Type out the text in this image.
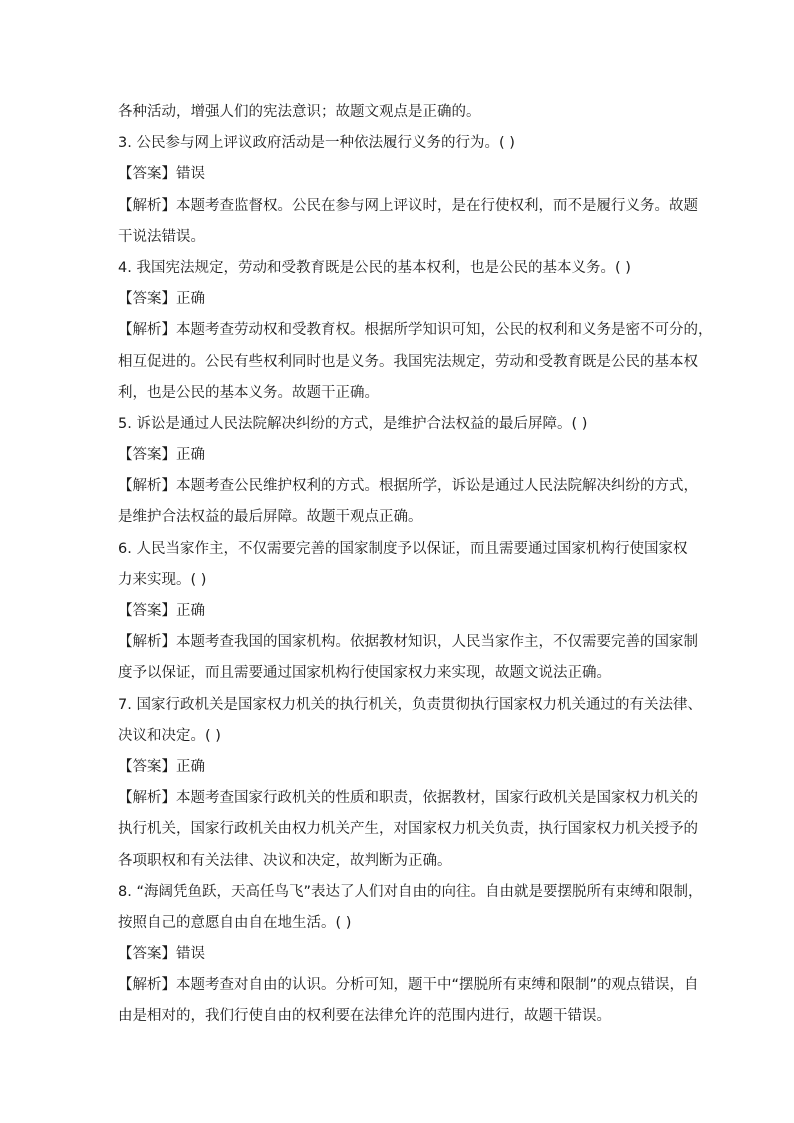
各种活动，增强人们的宪法意识；故题文观点是正确的。
3. 公民参与网上评议政府活动是一种依法履行义务的行为。( )
【答案】错误
【解析】本题考查监督权。公民在参与网上评议时，是在行使权利，而不是履行义务。故题
干说法错误。
4. 我国宪法规定，劳动和受教育既是公民的基本权利，也是公民的基本义务。( )
【答案】正确
【解析】本题考查劳动权和受教育权。根据所学知识可知，公民的权利和义务是密不可分的，
相互促进的。公民有些权利同时也是义务。我国宪法规定，劳动和受教育既是公民的基本权
利，也是公民的基本义务。故题干正确。
5. 诉讼是通过人民法院解决纠纷的方式，是维护合法权益的最后屏障。( )
【答案】正确
【解析】本题考查公民维护权利的方式。根据所学，诉讼是通过人民法院解决纠纷的方式，
是维护合法权益的最后屏障。故题干观点正确。
6. 人民当家作主，不仅需要完善的国家制度予以保证，而且需要通过国家机构行使国家权
力来实现。( )
【答案】正确
【解析】本题考查我国的国家机构。依据教材知识，人民当家作主，不仅需要完善的国家制
度予以保证，而且需要通过国家机构行使国家权力来实现，故题文说法正确。
7. 国家行政机关是国家权力机关的执行机关，负责贯彻执行国家权力机关通过的有关法律、
决议和决定。( )
【答案】正确
【解析】本题考查国家行政机关的性质和职责，依据教材，国家行政机关是国家权力机关的
执行机关，国家行政机关由权力机关产生，对国家权力机关负责，执行国家权力机关授予的
各项职权和有关法律、决议和决定，故判断为正确。
8. “海阔凭鱼跃，天高任鸟飞”表达了人们对自由的向往。自由就是要摆脱所有束缚和限制，
按照自己的意愿自由自在地生活。( )
【答案】错误
【解析】本题考查对自由的认识。分析可知，题干中“摆脱所有束缚和限制”的观点错误，自
由是相对的，我们行使自由的权利要在法律允许的范围内进行，故题干错误。
